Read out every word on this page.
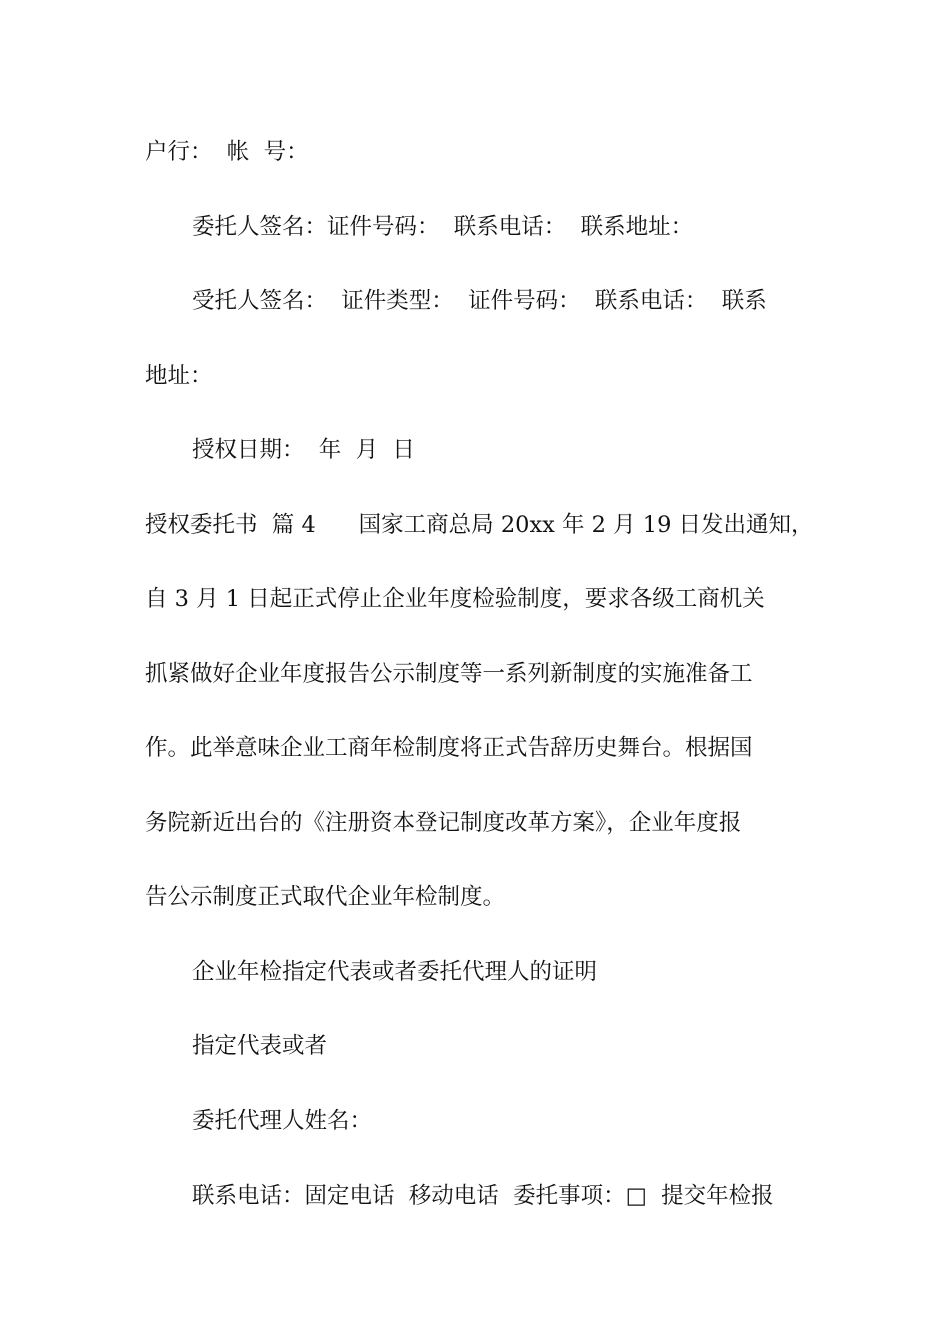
户行：  帐  号：
委托人签名：证件号码：  联系电话：  联系地址：
受托人签名：  证件类型：  证件号码：  联系电话：  联系
地址：
授权日期：  年  月  日
授权委托书  篇 4      国家工商总局 20xx 年 2 月 19 日发出通知，
自 3 月 1 日起正式停止企业年度检验制度，要求各级工商机关
抓紧做好企业年度报告公示制度等一系列新制度的实施准备工
作。此举意味企业工商年检制度将正式告辞历史舞台。根据国
务院新近出台的《注册资本登记制度改革方案》，企业年度报
告公示制度正式取代企业年检制度。
企业年检指定代表或者委托代理人的证明
指定代表或者
委托代理人姓名：
联系电话：固定电话  移动电话  委托事项：□  提交年检报
